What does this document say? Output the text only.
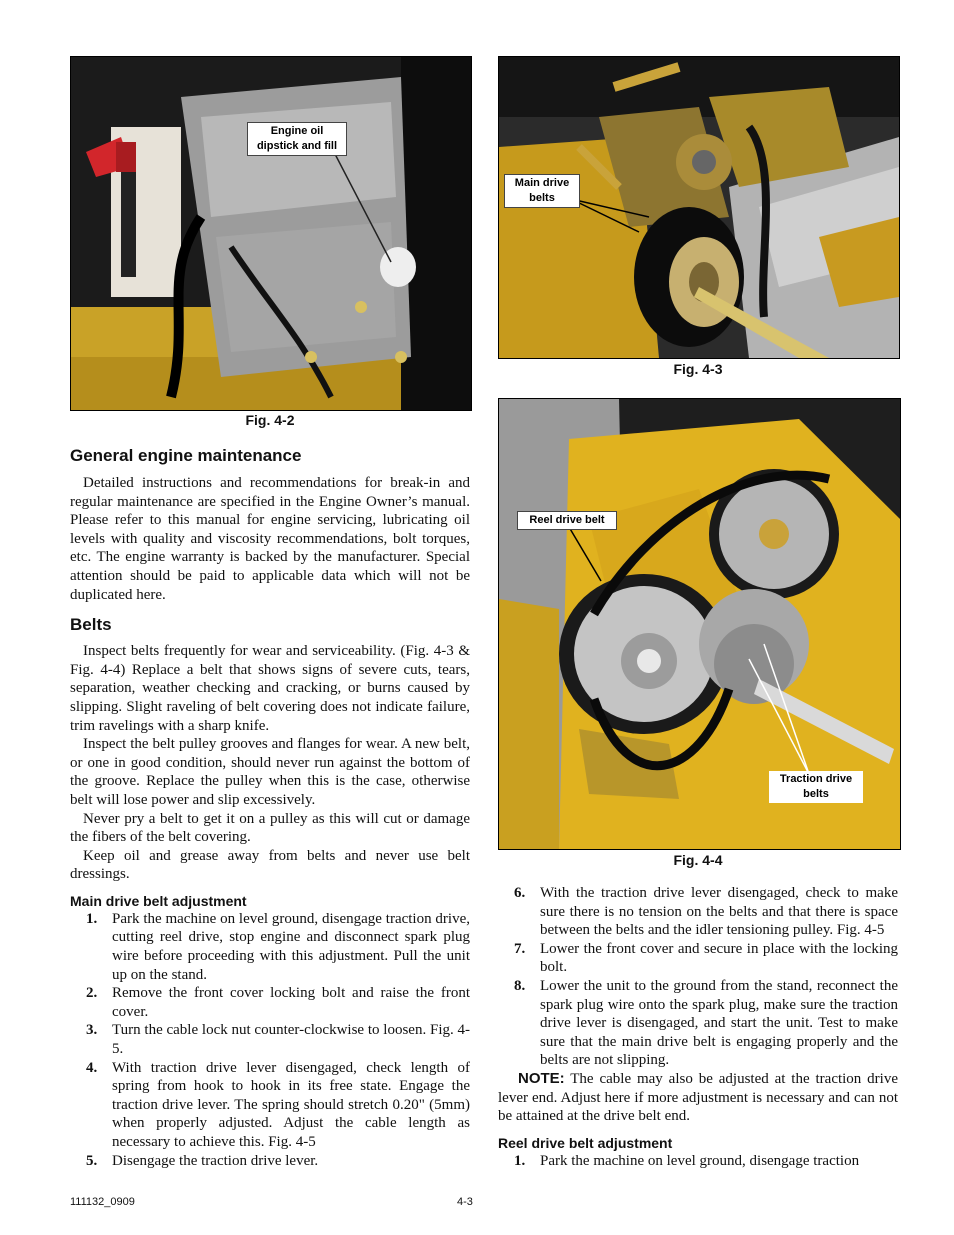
Engine oil
dipstick and fill
Fig. 4-2
Main drive
belts
Fig. 4-3
Reel drive belt
Traction drive
belts
Fig. 4-4
General engine maintenance

Detailed instructions and recommendations for break-in and regular maintenance are specified in the Engine Owner’s manual. Please refer to this manual for engine servicing, lubricating oil levels with quality and viscosity recommendations, bolt torques, etc. The engine warranty is backed by the manufacturer. Special attention should be paid to applicable data which will not be duplicated here.

Belts

Inspect belts frequently for wear and serviceability. (Fig. 4-3 & Fig. 4-4) Replace a belt that shows signs of severe cuts, tears, separation, weather checking and cracking, or burns caused by slipping. Slight raveling of belt covering does not indicate failure, trim ravelings with a sharp knife.

Inspect the belt pulley grooves and flanges for wear. A new belt, or one in good condition, should never run against the bottom of the groove. Replace the pulley when this is the case, otherwise belt will lose power and slip excessively.

Never pry a belt to get it on a pulley as this will cut or damage the fibers of the belt covering.

Keep oil and grease away from belts and never use belt dressings.

Main drive belt adjustment
1. Park the machine on level ground, disengage traction drive, cutting reel drive, stop engine and disconnect spark plug wire before proceeding with this adjustment. Pull the unit up on the stand.
2. Remove the front cover locking bolt and raise the front cover.
3. Turn the cable lock nut counter-clockwise to loosen. Fig. 4-5.
4. With traction drive lever disengaged, check length of spring from hook to hook in its free state. Engage the traction drive lever. The spring should stretch 0.20" (5mm) when properly adjusted. Adjust the cable length as necessary to achieve this. Fig. 4-5
5. Disengage the traction drive lever.
6. With the traction drive lever disengaged, check to make sure there is no tension on the belts and that there is space between the belts and the idler tensioning pulley. Fig. 4-5
7. Lower the front cover and secure in place with the locking bolt.
8. Lower the unit to the ground from the stand, reconnect the spark plug wire onto the spark plug, make sure the traction drive lever is disengaged, and start the unit. Test to make sure that the main drive belt is engaging properly and the belts are not slipping.

NOTE: The cable may also be adjusted at the traction drive lever end. Adjust here if more adjustment is necessary and can not be attained at the drive belt end.

Reel drive belt adjustment
1. Park the machine on level ground, disengage traction
111132_0909	4-3
